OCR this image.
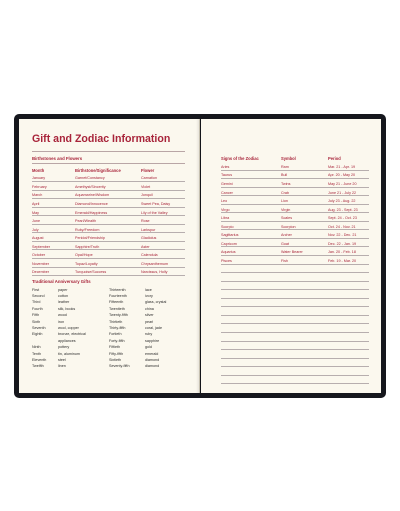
Gift and Zodiac Information
Birthstones and Flowers
Month	Birthstone/Significance	Flower
January	Garnet/Constancy	Carnation
February	Amethyst/Sincerity	Violet
March	Aquamarine/Wisdom	Jonquil
April	Diamond/Innocence	Sweet Pea, Daisy
May	Emerald/Happiness	Lily of the Valley
June	Pearl/Wealth	Rose
July	Ruby/Freedom	Larkspur
August	Peridot/Friendship	Gladiolus
September	Sapphire/Truth	Aster
October	Opal/Hope	Calendula
November	Topaz/Loyalty	Chrysanthemum
December	Turquoise/Success	Narcissus, Holly
Traditional Anniversary Gifts
First	paper
Second	cotton
Third	leather
Fourth	silk, books
Fifth	wood
Sixth	iron
Seventh	wool, copper
Eighth	bronze, electrical
appliances
Ninth	pottery
Tenth	tin, aluminum
Eleventh	steel
Twelfth	linen
Thirteenth	lace
Fourteenth	ivory
Fifteenth	glass, crystal
Twentieth	china
Twenty-fifth	silver
Thirtieth	pearl
Thirty-fifth	coral, jade
Fortieth	ruby
Forty-fifth	sapphire
Fiftieth	gold
Fifty-fifth	emerald
Sixtieth	diamond
Seventy-fifth	diamond
Signs of the Zodiac	Symbol	Period
Aries	Ram	Mar. 21 - Apr. 19
Taurus	Bull	Apr. 20 - May 20
Gemini	Twins	May 21 - June 20
Cancer	Crab	June 21 - July 22
Leo	Lion	July 23 - Aug. 22
Virgo	Virgin	Aug. 23 - Sept. 23
Libra	Scales	Sept. 24 - Oct. 23
Scorpio	Scorpion	Oct. 24 - Nov. 21
Sagittarius	Archer	Nov. 22 - Dec. 21
Capricorn	Goat	Dec. 22 - Jan. 19
Aquarius	Water Bearer	Jan. 20 - Feb. 18
Pisces	Fish	Feb. 19 - Mar. 20
